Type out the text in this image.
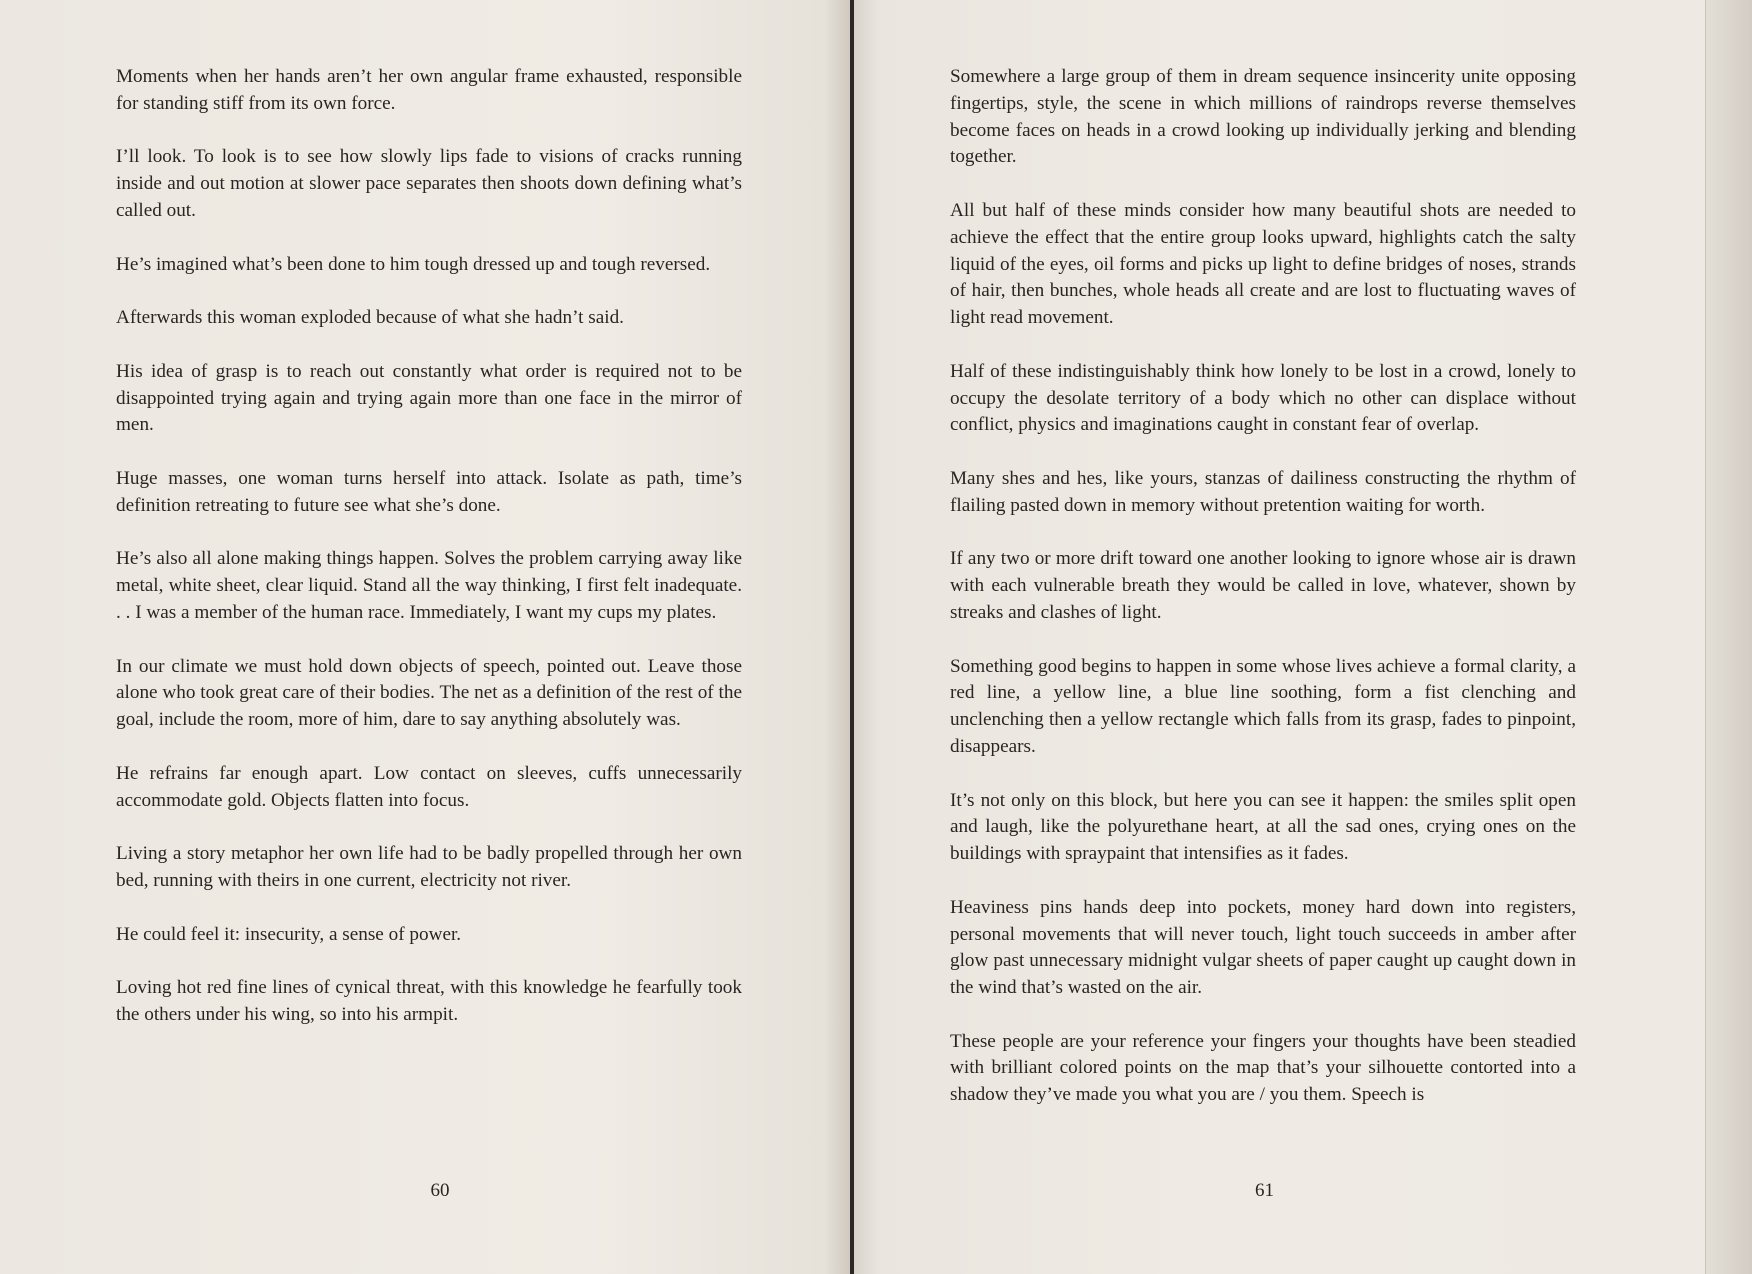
Moments when her hands aren’t her own angular frame exhausted, responsible for standing stiff from its own force.

I’ll look. To look is to see how slowly lips fade to visions of cracks running inside and out motion at slower pace separates then shoots down defining what’s called out.

He’s imagined what’s been done to him tough dressed up and tough reversed.

Afterwards this woman exploded because of what she hadn’t said.

His idea of grasp is to reach out constantly what order is required not to be disappointed trying again and trying again more than one face in the mirror of men.

Huge masses, one woman turns herself into attack. Isolate as path, time’s definition retreating to future see what she’s done.

He’s also all alone making things happen. Solves the problem carrying away like metal, white sheet, clear liquid. Stand all the way thinking, I first felt inadequate. . . I was a member of the human race. Immediately, I want my cups my plates.

In our climate we must hold down objects of speech, pointed out. Leave those alone who took great care of their bodies. The net as a definition of the rest of the goal, include the room, more of him, dare to say anything absolutely was.

He refrains far enough apart. Low contact on sleeves, cuffs unnecessarily accommodate gold. Objects flatten into focus.

Living a story metaphor her own life had to be badly propelled through her own bed, running with theirs in one current, electricity not river.

He could feel it: insecurity, a sense of power.

Loving hot red fine lines of cynical threat, with this knowledge he fearfully took the others under his wing, so into his armpit.

60

Somewhere a large group of them in dream sequence insincerity unite opposing fingertips, style, the scene in which millions of raindrops reverse themselves become faces on heads in a crowd looking up individually jerking and blending together.

All but half of these minds consider how many beautiful shots are needed to achieve the effect that the entire group looks upward, highlights catch the salty liquid of the eyes, oil forms and picks up light to define bridges of noses, strands of hair, then bunches, whole heads all create and are lost to fluctuating waves of light read movement.

Half of these indistinguishably think how lonely to be lost in a crowd, lonely to occupy the desolate territory of a body which no other can displace without conflict, physics and imaginations caught in constant fear of overlap.

Many shes and hes, like yours, stanzas of dailiness constructing the rhythm of flailing pasted down in memory without pretention waiting for worth.

If any two or more drift toward one another looking to ignore whose air is drawn with each vulnerable breath they would be called in love, whatever, shown by streaks and clashes of light.

Something good begins to happen in some whose lives achieve a formal clarity, a red line, a yellow line, a blue line soothing, form a fist clenching and unclenching then a yellow rectangle which falls from its grasp, fades to pinpoint, disappears.

It’s not only on this block, but here you can see it happen: the smiles split open and laugh, like the polyurethane heart, at all the sad ones, crying ones on the buildings with spraypaint that intensifies as it fades.

Heaviness pins hands deep into pockets, money hard down into registers, personal movements that will never touch, light touch succeeds in amber after glow past unnecessary midnight vulgar sheets of paper caught up caught down in the wind that’s wasted on the air.

These people are your reference your fingers your thoughts have been steadied with brilliant colored points on the map that’s your silhouette contorted into a shadow they’ve made you what you are / you them. Speech is

61
